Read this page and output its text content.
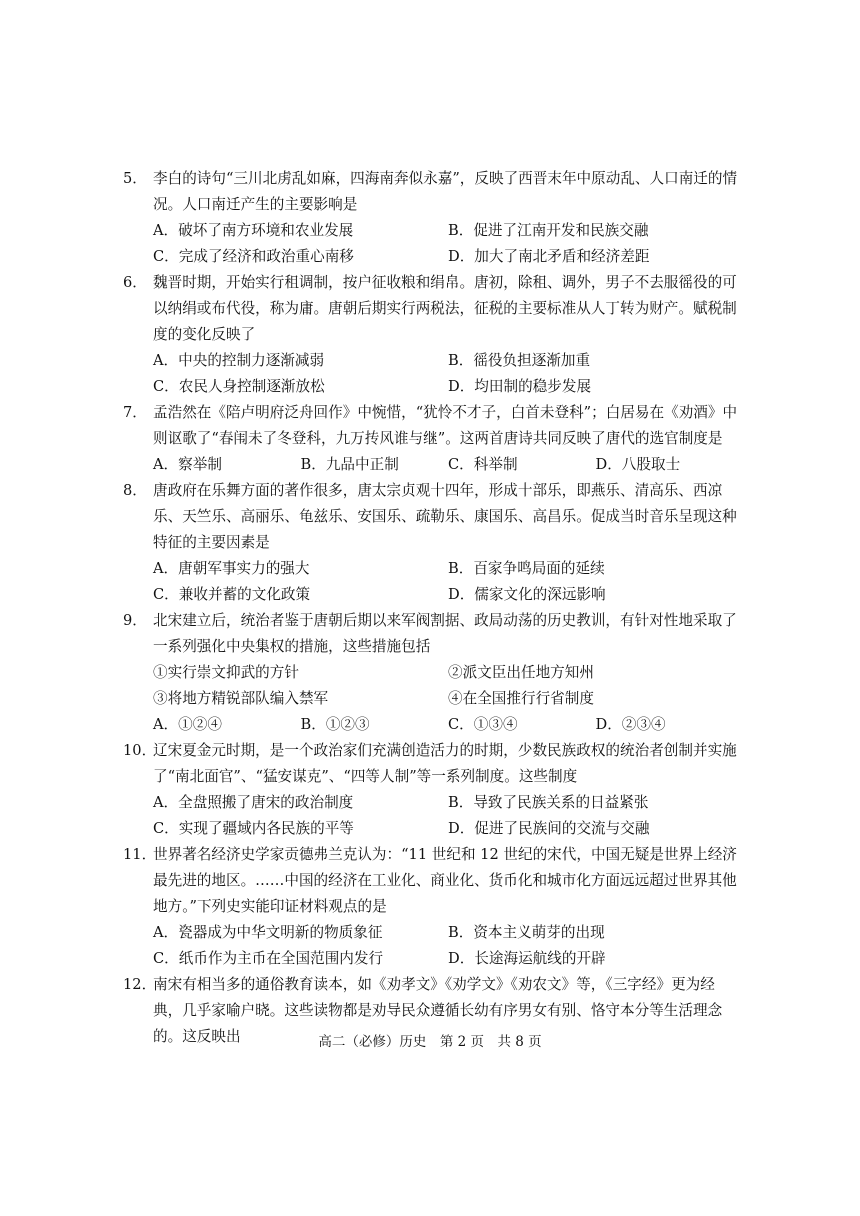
5． 李白的诗句“三川北虏乱如麻，四海南奔似永嘉”，反映了西晋末年中原动乱、人口南迁的情况。人口南迁产生的主要影响是
A．破坏了南方环境和农业发展	B．促进了江南开发和民族交融
C．完成了经济和政治重心南移	D．加大了南北矛盾和经济差距
6． 魏晋时期，开始实行租调制，按户征收粮和绢帛。唐初，除租、调外，男子不去服徭役的可以纳绢或布代役，称为庸。唐朝后期实行两税法，征税的主要标准从人丁转为财产。赋税制度的变化反映了
A．中央的控制力逐渐减弱	B．徭役负担逐渐加重
C．农民人身控制逐渐放松	D．均田制的稳步发展
7． 孟浩然在《陪卢明府泛舟回作》中惋惜，“犹怜不才子，白首未登科”；白居易在《劝酒》中则讴歌了“春闱未了冬登科，九万抟风谁与继”。这两首唐诗共同反映了唐代的选官制度是
A．察举制	B．九品中正制	C．科举制	D．八股取士
8． 唐政府在乐舞方面的著作很多，唐太宗贞观十四年，形成十部乐，即燕乐、清高乐、西凉乐、天竺乐、高丽乐、龟兹乐、安国乐、疏勒乐、康国乐、高昌乐。促成当时音乐呈现这种特征的主要因素是
A．唐朝军事实力的强大	B．百家争鸣局面的延续
C．兼收并蓄的文化政策	D．儒家文化的深远影响
9． 北宋建立后，统治者鉴于唐朝后期以来军阀割据、政局动荡的历史教训，有针对性地采取了一系列强化中央集权的措施，这些措施包括
①实行崇文抑武的方针	②派文臣出任地方知州
③将地方精锐部队编入禁军	④在全国推行行省制度
A．①②④	B．①②③	C．①③④	D．②③④
10．
辽宋夏金元时期，是一个政治家们充满创造活力的时期，少数民族政权的统治者创制并实施了“南北面官”、“猛安谋克”、“四等人制”等一系列制度。这些制度
A．全盘照搬了唐宋的政治制度	B．导致了民族关系的日益紧张
C．实现了疆域内各民族的平等	D．促进了民族间的交流与交融
11．
世界著名经济史学家贡德弗兰克认为：“11 世纪和 12 世纪的宋代，中国无疑是世界上经济最先进的地区。……中国的经济在工业化、商业化、货币化和城市化方面远远超过世界其他地方。”下列史实能印证材料观点的是
A．瓷器成为中华文明新的物质象征	B．资本主义萌芽的出现
C．纸币作为主币在全国范围内发行	D．长途海运航线的开辟
12．
南宋有相当多的通俗教育读本，如《劝孝文》《劝学文》《劝农文》等，《三字经》更为经典，几乎家喻户晓。这些读物都是劝导民众遵循长幼有序男女有别、恪守本分等生活理念的。这反映出	高二（必修）历史　第 2 页　共 8 页
